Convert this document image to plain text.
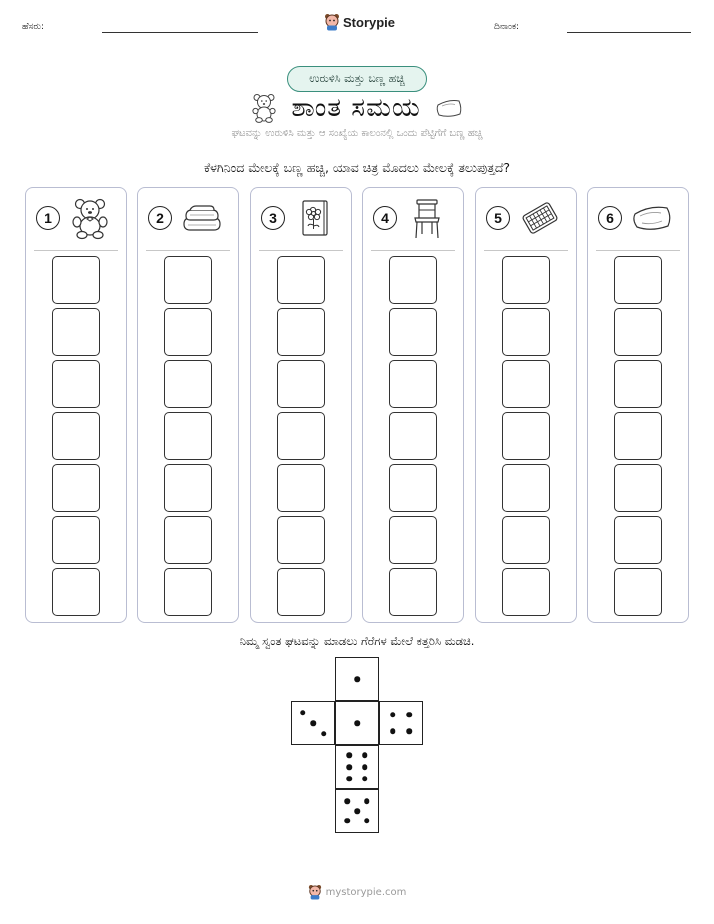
ಹೆಸರು:	Storypie	ದಿನಾಂಕ:
ಉರುಳಿಸಿ ಮತ್ತು ಬಣ್ಣ ಹಚ್ಚಿ
ಶಾಂತ ಸಮಯ
ಘಟವನ್ನು ಉರುಳಿಸಿ ಮತ್ತು ಆ ಸಂಖ್ಯೆಯ ಕಾಲಂನಲ್ಲಿ ಒಂದು ಪೆಟ್ಟಿಗೆಗೆ ಬಣ್ಣ ಹಚ್ಚಿ
ಕೆಳಗಿನಿಂದ ಮೇಲಕ್ಕೆ ಬಣ್ಣ ಹಚ್ಚಿ, ಯಾವ ಚಿತ್ರ ಮೊದಲು ಮೇಲಕ್ಕೆ ತಲುಪುತ್ತದೆ?
1	2	3	4	5	6
ನಿಮ್ಮ ಸ್ವಂತ ಘಟವನ್ನು ಮಾಡಲು ಗೆರೆಗಳ ಮೇಲೆ ಕತ್ತರಿಸಿ ಮಡಚಿ.
mystorypie.com
